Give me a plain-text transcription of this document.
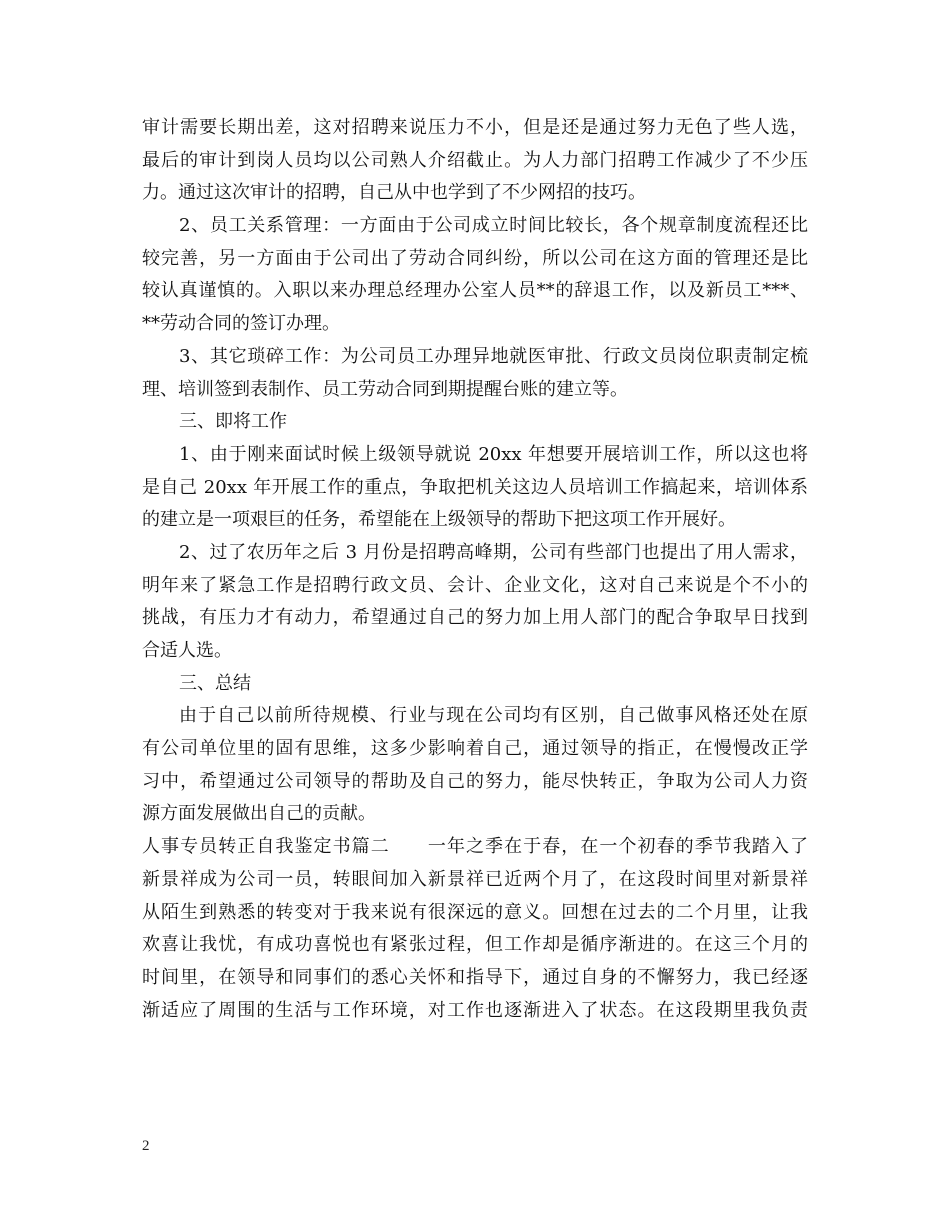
审计需要长期出差，这对招聘来说压力不小，但是还是通过努力无色了些人选，
最后的审计到岗人员均以公司熟人介绍截止。为人力部门招聘工作减少了不少压
力。通过这次审计的招聘，自己从中也学到了不少网招的技巧。
2、员工关系管理：一方面由于公司成立时间比较长，各个规章制度流程还比
较完善，另一方面由于公司出了劳动合同纠纷，所以公司在这方面的管理还是比
较认真谨慎的。入职以来办理总经理办公室人员**的辞退工作，以及新员工***、
**劳动合同的签订办理。
3、其它琐碎工作：为公司员工办理异地就医审批、行政文员岗位职责制定梳
理、培训签到表制作、员工劳动合同到期提醒台账的建立等。
三、即将工作
1、由于刚来面试时候上级领导就说 20xx 年想要开展培训工作，所以这也将
是自己 20xx 年开展工作的重点，争取把机关这边人员培训工作搞起来，培训体系
的建立是一项艰巨的任务，希望能在上级领导的帮助下把这项工作开展好。
2、过了农历年之后 3 月份是招聘高峰期，公司有些部门也提出了用人需求，
明年来了紧急工作是招聘行政文员、会计、企业文化，这对自己来说是个不小的
挑战，有压力才有动力，希望通过自己的努力加上用人部门的配合争取早日找到
合适人选。
三、总结
由于自己以前所待规模、行业与现在公司均有区别，自己做事风格还处在原
有公司单位里的固有思维，这多少影响着自己，通过领导的指正，在慢慢改正学
习中，希望通过公司领导的帮助及自己的努力，能尽快转正，争取为公司人力资
源方面发展做出自己的贡献。
人事专员转正自我鉴定书篇二　　一年之季在于春，在一个初春的季节我踏入了
新景祥成为公司一员，转眼间加入新景祥已近两个月了，在这段时间里对新景祥
从陌生到熟悉的转变对于我来说有很深远的意义。回想在过去的二个月里，让我
欢喜让我忧，有成功喜悦也有紧张过程，但工作却是循序渐进的。在这三个月的
时间里，在领导和同事们的悉心关怀和指导下，通过自身的不懈努力，我已经逐
渐适应了周围的生活与工作环境，对工作也逐渐进入了状态。在这段期里我负责
2
